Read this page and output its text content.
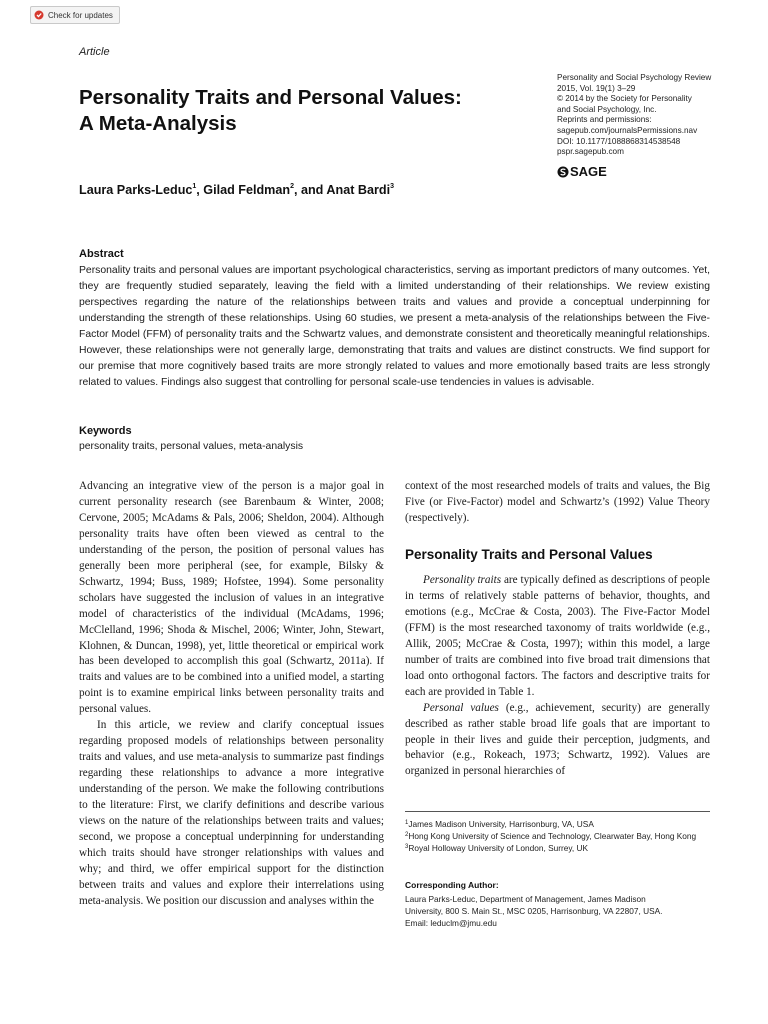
Check for updates
Article
Personality and Social Psychology Review
2015, Vol. 19(1) 3–29
© 2014 by the Society for Personality
and Social Psychology, Inc.
Reprints and permissions:
sagepub.com/journalsPermissions.nav
DOI: 10.1177/1088868314538548
pspr.sagepub.com
SAGE
Personality Traits and Personal Values:
A Meta-Analysis
Laura Parks-Leduc$^1$, Gilad Feldman$^2$, and Anat Bardi$^3$
Abstract
Personality traits and personal values are important psychological characteristics, serving as important predictors of many outcomes. Yet, they are frequently studied separately, leaving the field with a limited understanding of their relationships. We review existing perspectives regarding the nature of the relationships between traits and values and provide a conceptual underpinning for understanding the strength of these relationships. Using 60 studies, we present a meta-analysis of the relationships between the Five-Factor Model (FFM) of personality traits and the Schwartz values, and demonstrate consistent and theoretically meaningful relationships. However, these relationships were not generally large, demonstrating that traits and values are distinct constructs. We find support for our premise that more cognitively based traits are more strongly related to values and more emotionally based traits are less strongly related to values. Findings also suggest that controlling for personal scale-use tendencies in values is advisable.
Keywords
personality traits, personal values, meta-analysis

Advancing an integrative view of the person is a major goal in current personality research (see Barenbaum & Winter, 2008; Cervone, 2005; McAdams & Pals, 2006; Sheldon, 2004). Although personality traits have often been viewed as central to the understanding of the person, the position of personal values has generally been more peripheral (see, for example, Bilsky & Schwartz, 1994; Buss, 1989; Hofstee, 1994). Some personality scholars have suggested the inclusion of values in an integrative model of characteristics of the individual (McAdams, 1996; McClelland, 1996; Shoda & Mischel, 2006; Winter, John, Stewart, Klohnen, & Duncan, 1998), yet, little theoretical or empirical work has been developed to accomplish this goal (Schwartz, 2011a). If traits and values are to be combined into a unified model, a starting point is to examine empirical links between personality traits and personal values.

In this article, we review and clarify conceptual issues regarding proposed models of relationships between personality traits and values, and use meta-analysis to summarize past findings regarding these relationships to advance a more integrative understanding of the person. We make the following contributions to the literature: First, we clarify definitions and describe various views on the nature of the relationships between traits and values; second, we propose a conceptual underpinning for understanding which traits should have stronger relationships with values and why; and third, we offer empirical support for the distinction between traits and values and explore their interrelations using meta-analysis. We position our discussion and analyses within the

context of the most researched models of traits and values, the Big Five (or Five-Factor) model and Schwartz’s (1992) Value Theory (respectively).

Personality Traits and Personal Values

Personality traits are typically defined as descriptions of people in terms of relatively stable patterns of behavior, thoughts, and emotions (e.g., McCrae & Costa, 2003). The Five-Factor Model (FFM) is the most researched taxonomy of traits worldwide (e.g., Allik, 2005; McCrae & Costa, 1997); within this model, a large number of traits are combined into five broad trait dimensions that load onto orthogonal factors. The factors and descriptive traits for each are provided in Table 1.

Personal values (e.g., achievement, security) are generally described as rather stable broad life goals that are important to people in their lives and guide their perception, judgments, and behavior (e.g., Rokeach, 1973; Schwartz, 1992). Values are organized in personal hierarchies of

$^1$James Madison University, Harrisonburg, VA, USA

$^2$Hong Kong University of Science and Technology, Clearwater Bay, Hong Kong

$^3$Royal Holloway University of London, Surrey, UK

Corresponding Author:
Laura Parks-Leduc, Department of Management, James Madison
University, 800 S. Main St., MSC 0205, Harrisonburg, VA 22807, USA.
Email: leduclm@jmu.edu
